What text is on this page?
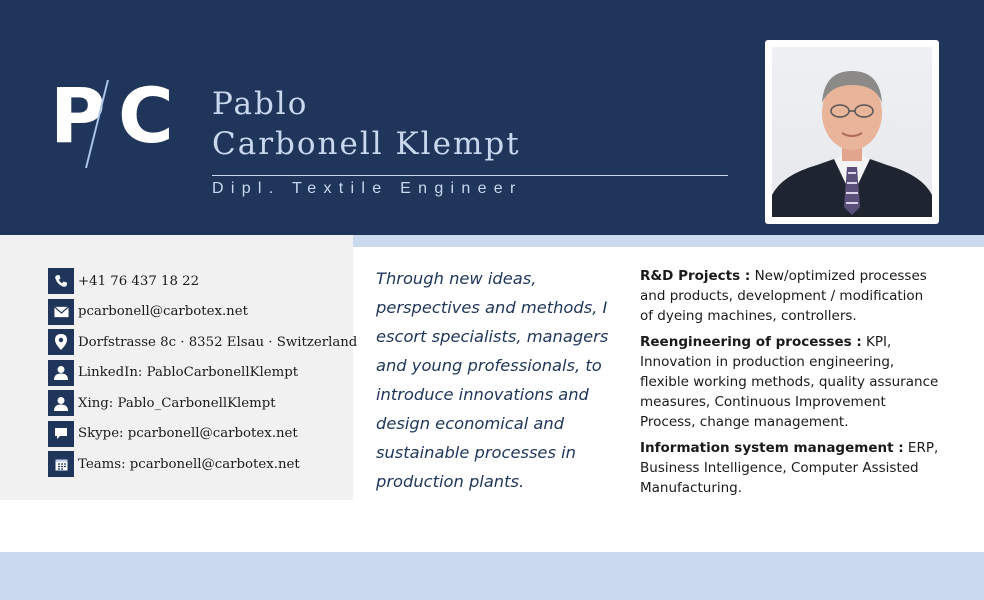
P C Pablo
Carbonell Klempt
Dipl. Textile Engineer
+41 76 437 18 22
pcarbonell@carbotex.net
Dorfstrasse 8c · 8352 Elsau · Switzerland
LinkedIn: PabloCarbonellKlempt
Xing: Pablo_CarbonellKlempt
Skype: pcarbonell@carbotex.net
Teams: pcarbonell@carbotex.net
Through new ideas, perspectives and methods, I escort specialists, managers and young professionals, to introduce innovations and design economical and sustainable processes in production plants.

R&D Projects : New/optimized processes and products, development / modification of dyeing machines, controllers.

Reengineering of processes : KPI, Innovation in production engineering, flexible working methods, quality assurance measures, Continuous Improvement Process, change management.

Information system management : ERP, Business Intelligence, Computer Assisted Manufacturing.
